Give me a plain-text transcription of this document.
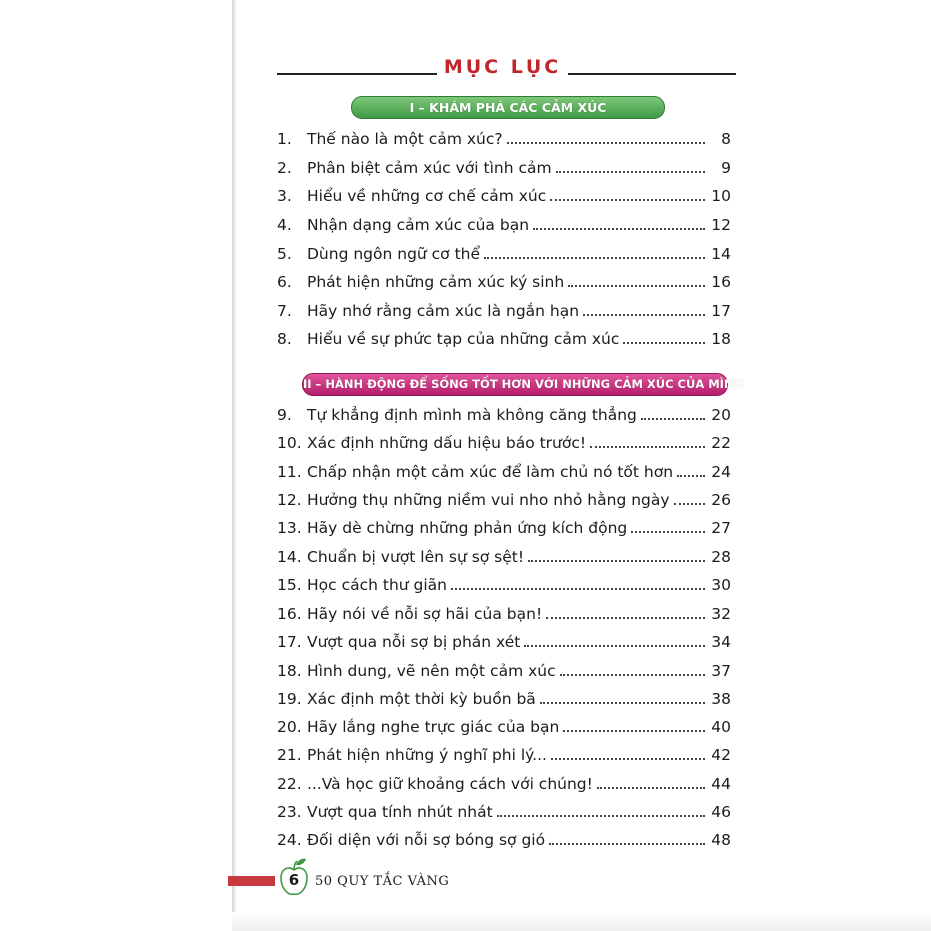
MỤC LỤC
I – KHÁM PHÁ CÁC CẢM XÚC
II – HÀNH ĐỘNG ĐỂ SỐNG TỐT HƠN VỚI NHỮNG CẢM XÚC CỦA MÌNH
1. Thế nào là một cảm xúc?	8
2. Phân biệt cảm xúc với tình cảm	9
3. Hiểu về những cơ chế cảm xúc	10
4. Nhận dạng cảm xúc của bạn	12
5. Dùng ngôn ngữ cơ thể	14
6. Phát hiện những cảm xúc ký sinh	16
7. Hãy nhớ rằng cảm xúc là ngắn hạn	17
8. Hiểu về sự phức tạp của những cảm xúc	18
9. Tự khẳng định mình mà không căng thẳng	20
10. Xác định những dấu hiệu báo trước!	22
11. Chấp nhận một cảm xúc để làm chủ nó tốt hơn 24
12. Hưởng thụ những niềm vui nho nhỏ hằng ngày	26
13. Hãy dè chừng những phản ứng kích động	27
14. Chuẩn bị vượt lên sự sợ sệt!	28
15. Học cách thư giãn	30
16. Hãy nói về nỗi sợ hãi của bạn!	32
17. Vượt qua nỗi sợ bị phán xét	34
18. Hình dung, vẽ nên một cảm xúc	37
19. Xác định một thời kỳ buồn bã	38
20. Hãy lắng nghe trực giác của bạn	40
21. Phát hiện những ý nghĩ phi lý...	42
22. ...Và học giữ khoảng cách với chúng!	44
23. Vượt qua tính nhút nhát	46
24. Đối diện với nỗi sợ bóng sợ gió	48
6	50 QUY TẮC VÀNG
